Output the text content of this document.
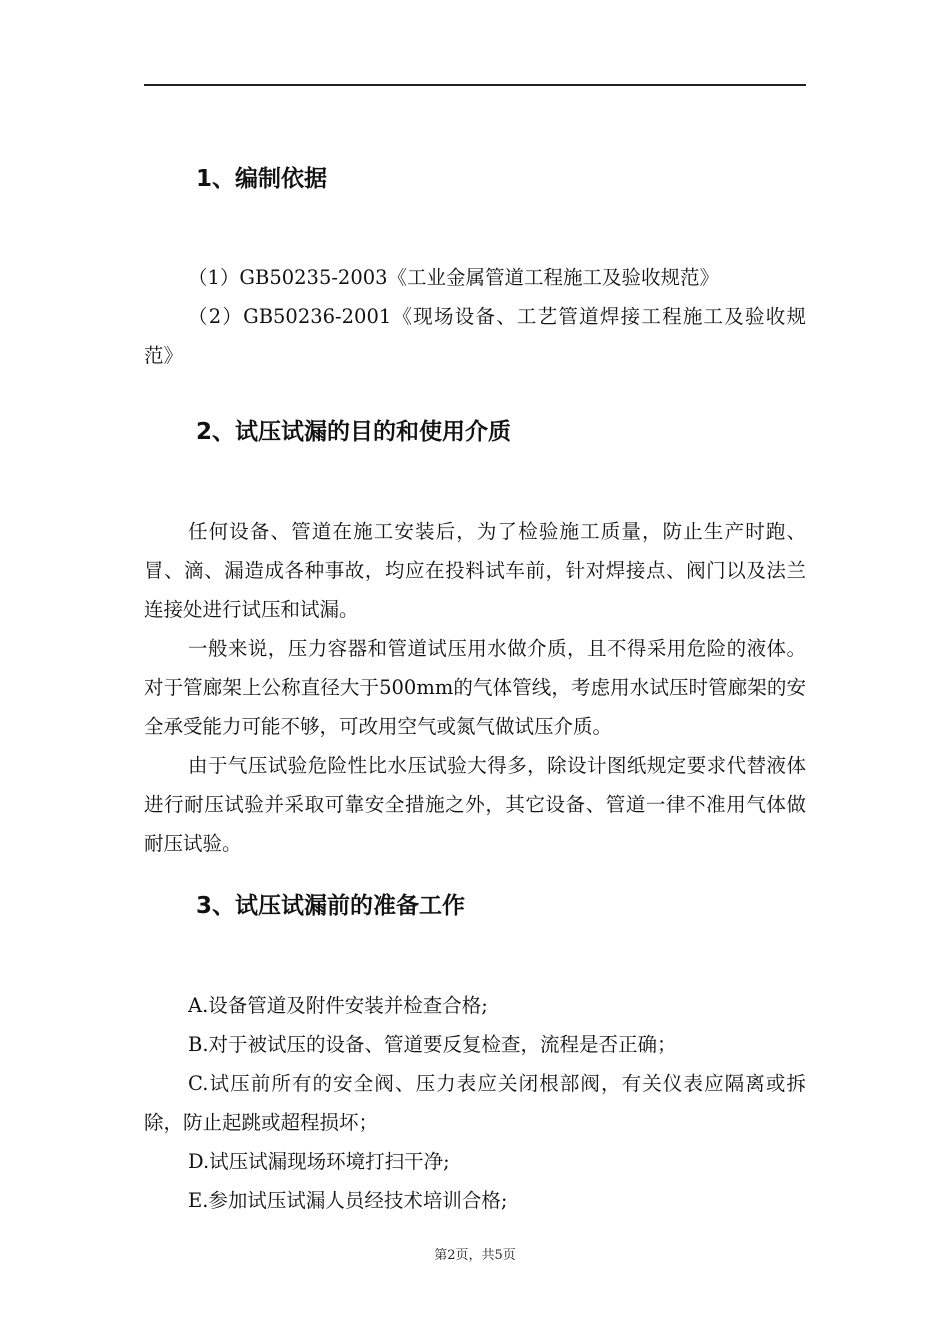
1、编制依据
（1）GB50235-2003《工业金属管道工程施工及验收规范》
（2）GB50236-2001《现场设备、工艺管道焊接工程施工及验收规范》
2、试压试漏的目的和使用介质
任何设备、管道在施工安装后，为了检验施工质量，防止生产时跑、冒、滴、漏造成各种事故，均应在投料试车前，针对焊接点、阀门以及法兰连接处进行试压和试漏。
一般来说，压力容器和管道试压用水做介质，且不得采用危险的液体。对于管廊架上公称直径大于500mm的气体管线，考虑用水试压时管廊架的安全承受能力可能不够，可改用空气或氮气做试压介质。
由于气压试验危险性比水压试验大得多，除设计图纸规定要求代替液体进行耐压试验并采取可靠安全措施之外，其它设备、管道一律不准用气体做耐压试验。
3、试压试漏前的准备工作
A.设备管道及附件安装并检查合格;
B.对于被试压的设备、管道要反复检查，流程是否正确；
C.试压前所有的安全阀、压力表应关闭根部阀，有关仪表应隔离或拆除，防止起跳或超程损坏；
D.试压试漏现场环境打扫干净;
E.参加试压试漏人员经技术培训合格;
第2页，共5页
